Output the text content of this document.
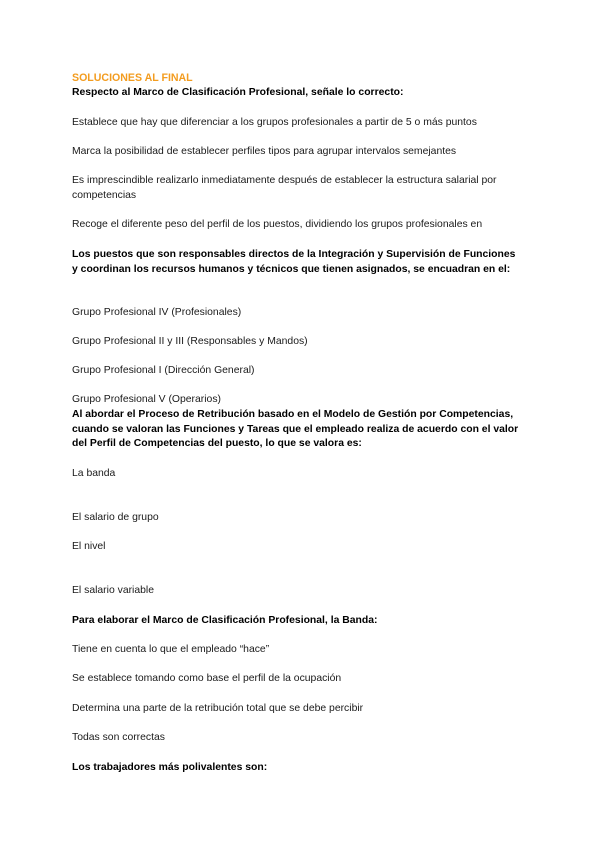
SOLUCIONES AL FINAL
Respecto al Marco de Clasificación Profesional, señale lo correcto:
Establece que hay que diferenciar a los grupos profesionales a partir de 5 o más puntos
Marca la posibilidad de establecer perfiles tipos para agrupar intervalos semejantes
Es imprescindible realizarlo inmediatamente después de establecer la estructura salarial por competencias
Recoge el diferente peso del perfil de los puestos, dividiendo los grupos profesionales en
Los puestos que son responsables directos de la Integración y Supervisión de Funciones y coordinan los recursos humanos y técnicos que tienen asignados, se encuadran en el:
Grupo Profesional IV (Profesionales)
Grupo Profesional II y III (Responsables y Mandos)
Grupo Profesional I (Dirección General)
Grupo Profesional V (Operarios)
Al abordar el Proceso de Retribución basado en el Modelo de Gestión por Competencias, cuando se valoran las Funciones y Tareas que el empleado realiza de acuerdo con el valor del Perfil de Competencias del puesto, lo que se valora es:
La banda
El salario de grupo
El nivel
El salario variable
Para elaborar el Marco de Clasificación Profesional, la Banda:
Tiene en cuenta lo que el empleado “hace”
Se establece tomando como base el perfil de la ocupación
Determina una parte de la retribución total que se debe percibir
Todas son correctas
Los trabajadores más polivalentes son:
